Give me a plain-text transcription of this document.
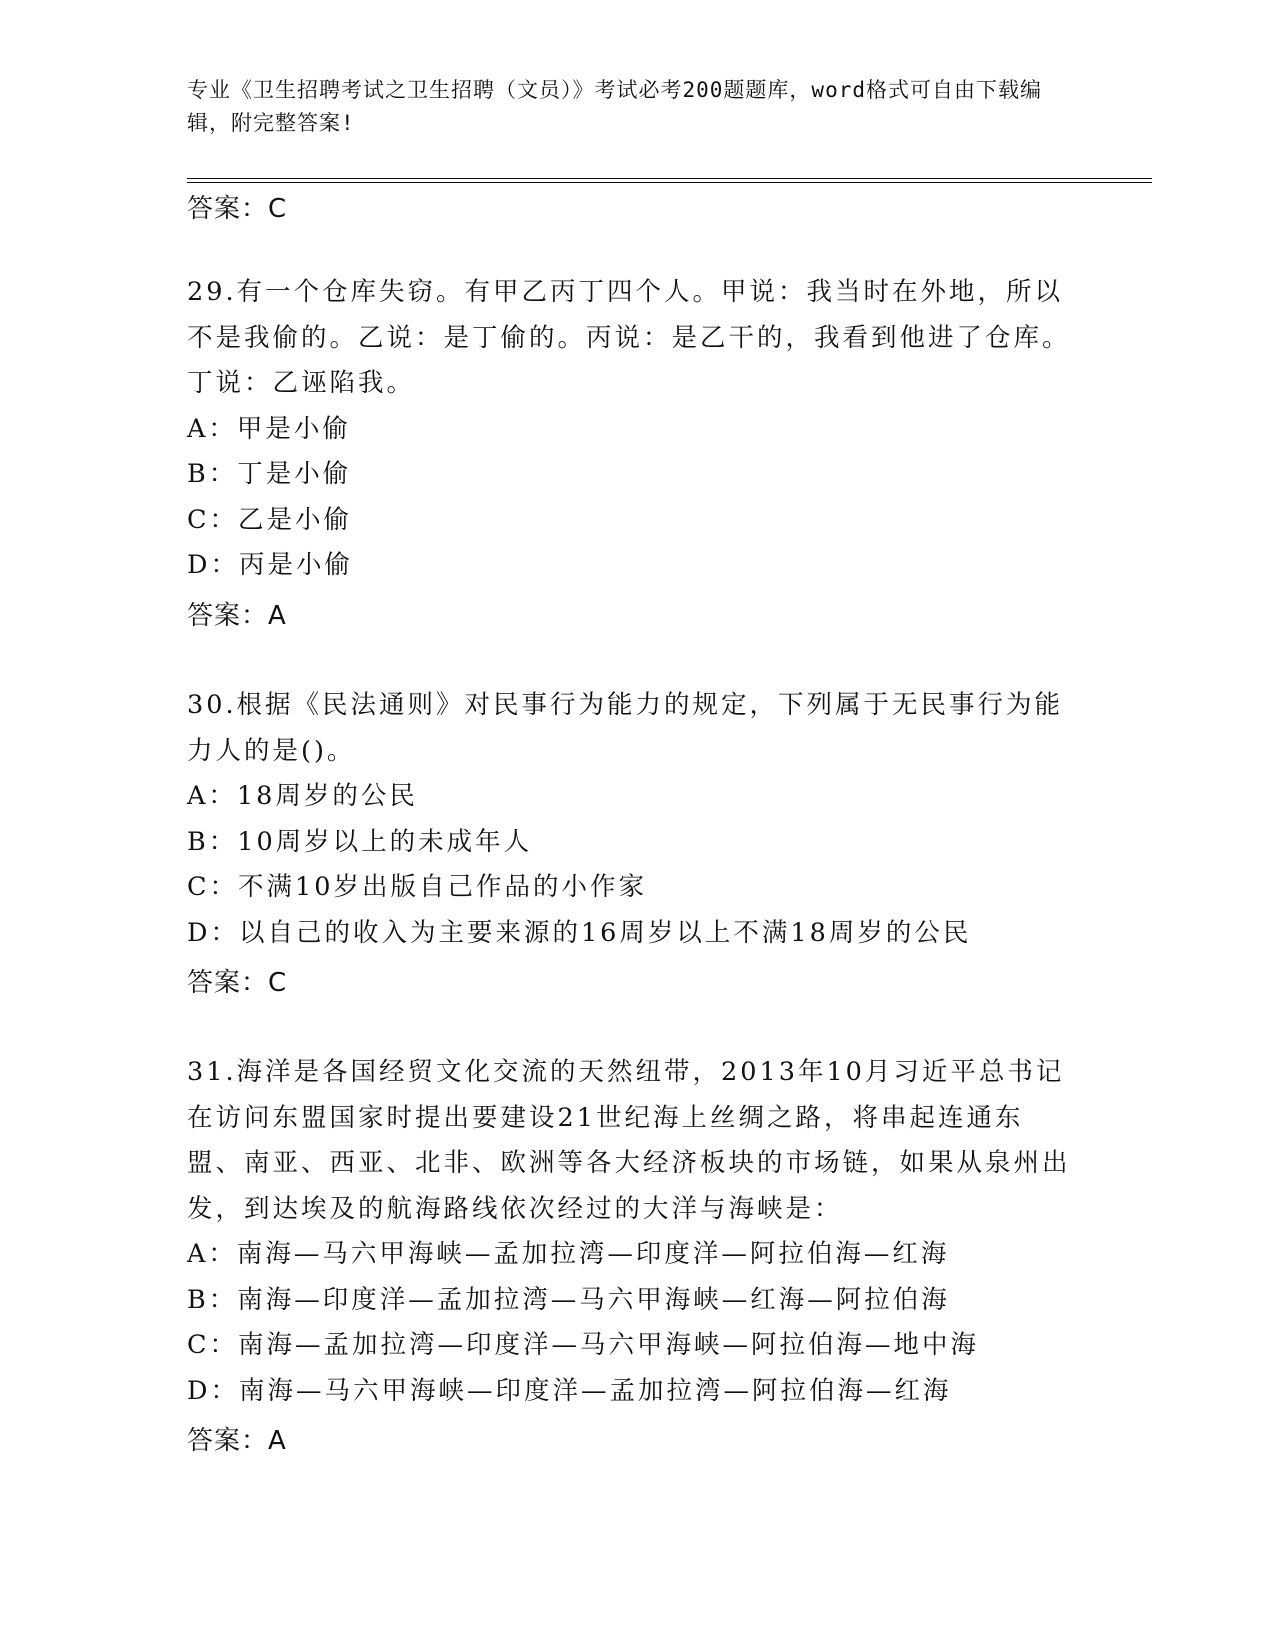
专业《卫生招聘考试之卫生招聘（文员）》考试必考200题题库，word格式可自由下载编辑，附完整答案!
答案：C
29.有一个仓库失窃。有甲乙丙丁四个人。甲说：我当时在外地，所以不是我偷的。乙说：是丁偷的。丙说：是乙干的，我看到他进了仓库。丁说：乙诬陷我。
A：甲是小偷
B：丁是小偷
C：乙是小偷
D：丙是小偷
答案：A
30.根据《民法通则》对民事行为能力的规定，下列属于无民事行为能力人的是()。
A：18周岁的公民
B：10周岁以上的未成年人
C：不满10岁出版自己作品的小作家
D：以自己的收入为主要来源的16周岁以上不满18周岁的公民
答案：C
31.海洋是各国经贸文化交流的天然纽带，2013年10月习近平总书记在访问东盟国家时提出要建设21世纪海上丝绸之路，将串起连通东盟、南亚、西亚、北非、欧洲等各大经济板块的市场链，如果从泉州出发，到达埃及的航海路线依次经过的大洋与海峡是：
A：南海—马六甲海峡—孟加拉湾—印度洋—阿拉伯海—红海
B：南海—印度洋—孟加拉湾—马六甲海峡—红海—阿拉伯海
C：南海—孟加拉湾—印度洋—马六甲海峡—阿拉伯海—地中海
D：南海—马六甲海峡—印度洋—孟加拉湾—阿拉伯海—红海
答案：A
